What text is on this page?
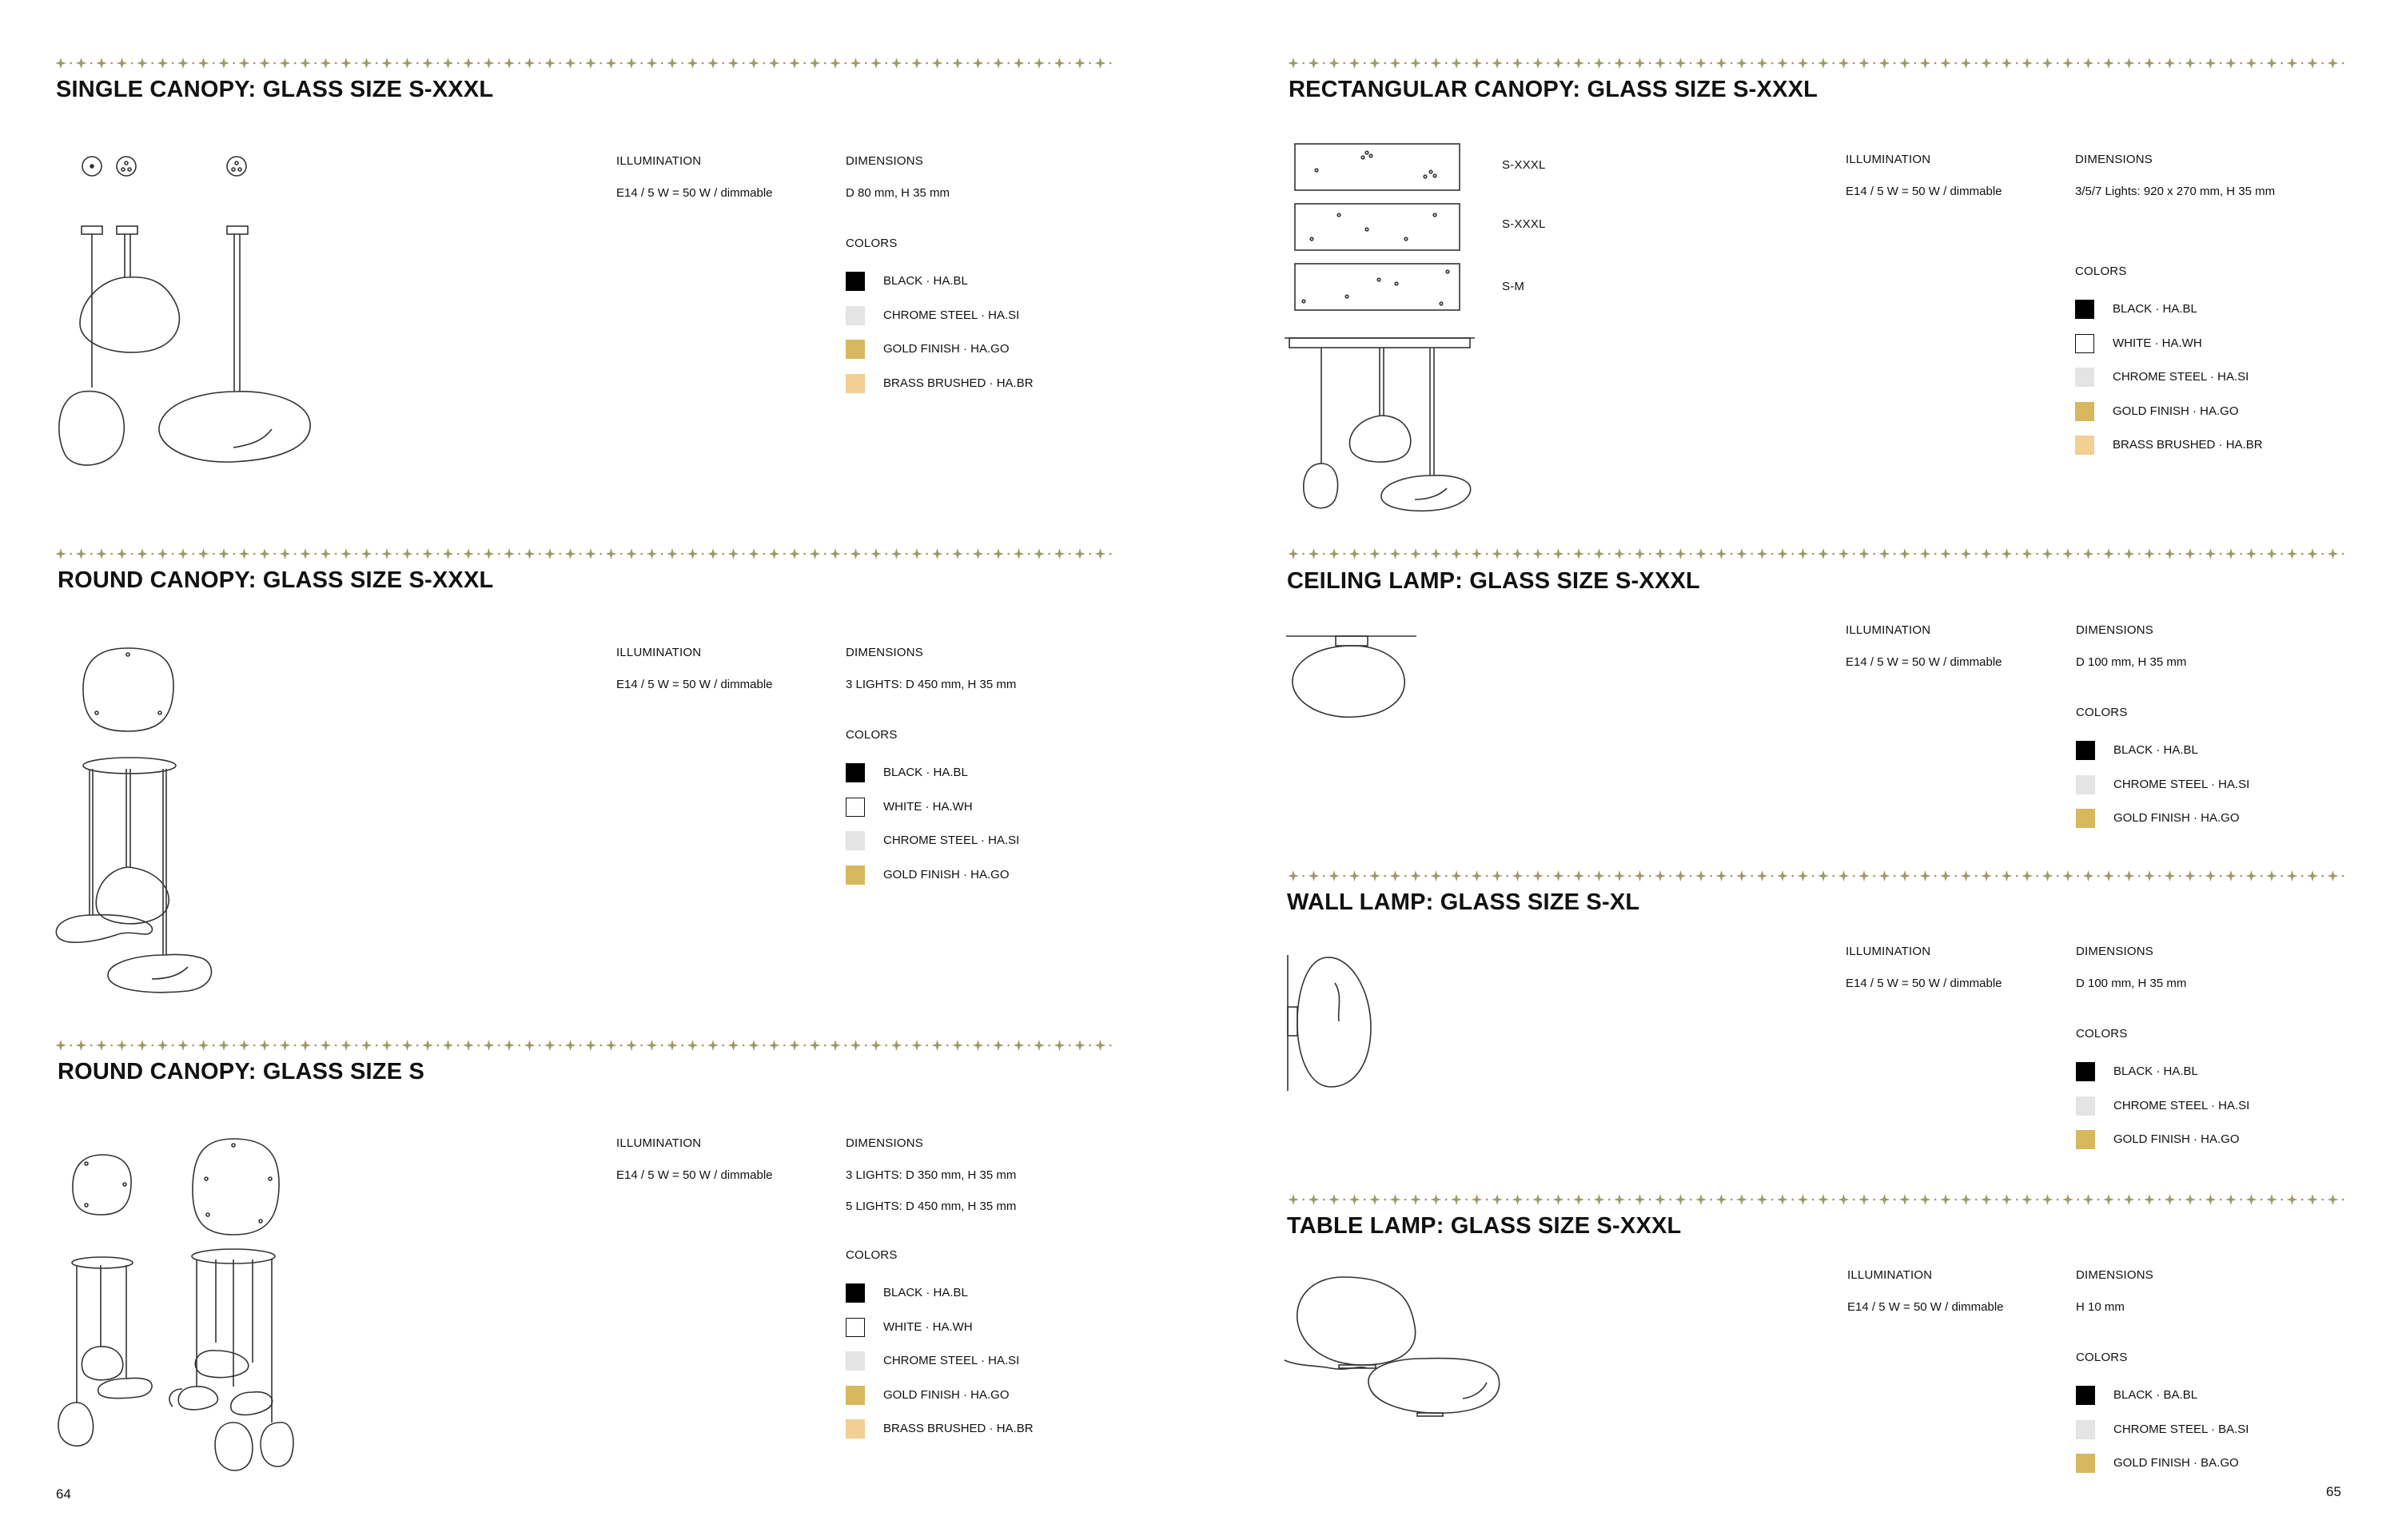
SINGLE CANOPY: GLASS SIZE S-XXXL
ILLUMINATION
E14 / 5 W = 50 W / dimmable
DIMENSIONS
D 80 mm, H 35 mm
COLORS
BLACK · HA.BL
CHROME STEEL · HA.SI
GOLD FINISH · HA.GO
BRASS BRUSHED · HA.BR
ROUND CANOPY: GLASS SIZE S-XXXL
ILLUMINATION
E14 / 5 W = 50 W / dimmable
DIMENSIONS
3 LIGHTS: D 450 mm, H 35 mm
COLORS
BLACK · HA.BL
WHITE · HA.WH
CHROME STEEL · HA.SI
GOLD FINISH · HA.GO
ROUND CANOPY: GLASS SIZE S
ILLUMINATION
E14 / 5 W = 50 W / dimmable
DIMENSIONS
3 LIGHTS: D 350 mm, H 35 mm
5 LIGHTS: D 450 mm, H 35 mm
COLORS
BLACK · HA.BL
WHITE · HA.WH
CHROME STEEL · HA.SI
GOLD FINISH · HA.GO
BRASS BRUSHED · HA.BR
RECTANGULAR CANOPY: GLASS SIZE S-XXXL
S-XXXL
S-XXXL
S-M
ILLUMINATION
E14 / 5 W = 50 W / dimmable
DIMENSIONS
3/5/7 Lights: 920 x 270 mm, H 35 mm
COLORS
BLACK · HA.BL
WHITE · HA.WH
CHROME STEEL · HA.SI
GOLD FINISH · HA.GO
BRASS BRUSHED · HA.BR
CEILING LAMP: GLASS SIZE S-XXXL
ILLUMINATION
E14 / 5 W = 50 W / dimmable
DIMENSIONS
D 100 mm, H 35 mm
COLORS
BLACK · HA.BL
CHROME STEEL · HA.SI
GOLD FINISH · HA.GO
WALL LAMP: GLASS SIZE S-XL
ILLUMINATION
E14 / 5 W = 50 W / dimmable
DIMENSIONS
D 100 mm, H 35 mm
COLORS
BLACK · HA.BL
CHROME STEEL · HA.SI
GOLD FINISH · HA.GO
TABLE LAMP: GLASS SIZE S-XXXL
ILLUMINATION
E14 / 5 W = 50 W / dimmable
DIMENSIONS
H 10 mm
COLORS
BLACK · BA.BL
CHROME STEEL · BA.SI
GOLD FINISH · BA.GO
64	65
